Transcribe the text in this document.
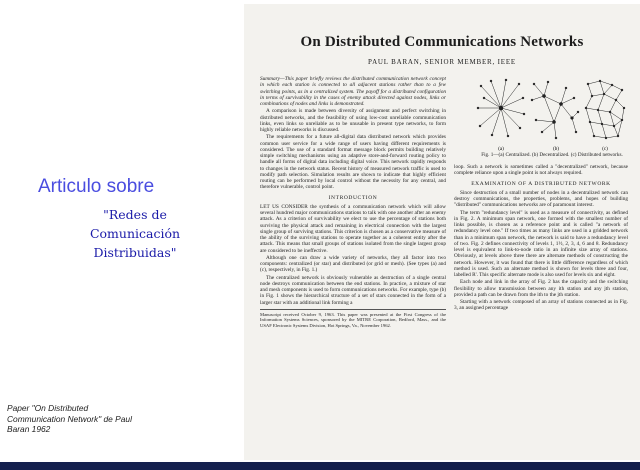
Articulo sobre
"Redes de
Comunicación
Distribuidas"
Paper "On Distributed
Communication Network" de Paul
Baran 1962
On Distributed Communications Networks
PAUL BARAN, SENIOR MEMBER, IEEE

Summary—This paper briefly reviews the distributed communication network concept in which each station is connected to all adjacent stations rather than to a few switching points, as in a centralized system. The payoff for a distributed configuration in terms of survivability in the cases of enemy attack directed against nodes, links or combinations of nodes and links is demonstrated.

A comparison is made between diversity of assignment and perfect switching in distributed networks, and the feasibility of using low-cost unreliable communication links, even links so unreliable as to be unusable in present type networks, to form highly reliable networks is discussed.

The requirements for a future all-digital data distributed network which provides common user service for a wide range of users having different requirements is considered. The use of a standard format message block permits building relatively simple switching mechanisms using an adaptive store-and-forward routing policy to handle all forms of digital data including digital voice. This network rapidly responds to changes in the network status. Recent history of measured network traffic is used to modify path selection. Simulation results are shown to indicate that highly efficient routing can be performed by local control without the necessity for any central, and therefore vulnerable, control point.

INTRODUCTION

LET US CONSIDER the synthesis of a communication network which will allow several hundred major communications stations to talk with one another after an enemy attack. As a criterion of survivability we elect to use the percentage of stations both surviving the physical attack and remaining in electrical connection with the largest single group of surviving stations. This criterion is chosen as a conservative measure of the ability of the surviving stations to operate together as a coherent entity after the attack. This means that small groups of stations isolated from the single largest group are considered to be ineffective.

Although one can draw a wide variety of networks, they all factor into two components: centralized (or star) and distributed (or grid or mesh). (See types (a) and (c), respectively, in Fig. 1.)

The centralized network is obviously vulnerable as destruction of a single central node destroys communication between the end stations. In practice, a mixture of star and mesh components is used to form communications networks. For example, type (b) in Fig. 1 shows the hierarchical structure of a set of stars connected in the form of a larger star with an additional link forming a

Manuscript received October 9, 1963. This paper was presented at the First Congress of the Information Systems Sciences, sponsored by the MITRE Corporation, Bedford, Mass., and the USAF Electronic Systems Division, Hot Springs, Va., November 1962.
(a)	(b)	(c)
Fig. 1—(a) Centralized. (b) Decentralized. (c) Distributed networks.

loop. Such a network is sometimes called a "decentralized" network, because complete reliance upon a single point is not always required.

EXAMINATION OF A DISTRIBUTED NETWORK

Since destruction of a small number of nodes in a decentralized network can destroy communications, the properties, problems, and hopes of building "distributed" communications networks are of paramount interest.

The term "redundancy level" is used as a measure of connectivity, as defined in Fig. 2. A minimum span network, one formed with the smallest number of links possible, is chosen as a reference point and is called "a network of redundancy level one." If two times as many links are used in a gridded network than in a minimum span network, the network is said to have a redundancy level of two. Fig. 2 defines connectivity of levels 1, 1½, 2, 3, 4, 6 and 8. Redundancy level is equivalent to link-to-node ratio in an infinite size array of stations. Obviously, at levels above three there are alternate methods of constructing the network. However, it was found that there is little difference regardless of which method is used. Such an alternate method is shown for levels three and four, labelled R'. This specific alternate mode is also used for levels six and eight.

Each node and link in the array of Fig. 2 has the capacity and the switching flexibility to allow transmission between any ith station and any jth station, provided a path can be drawn from the ith to the jth station.

Starting with a network composed of an array of stations connected as in Fig. 3, an assigned percentage
